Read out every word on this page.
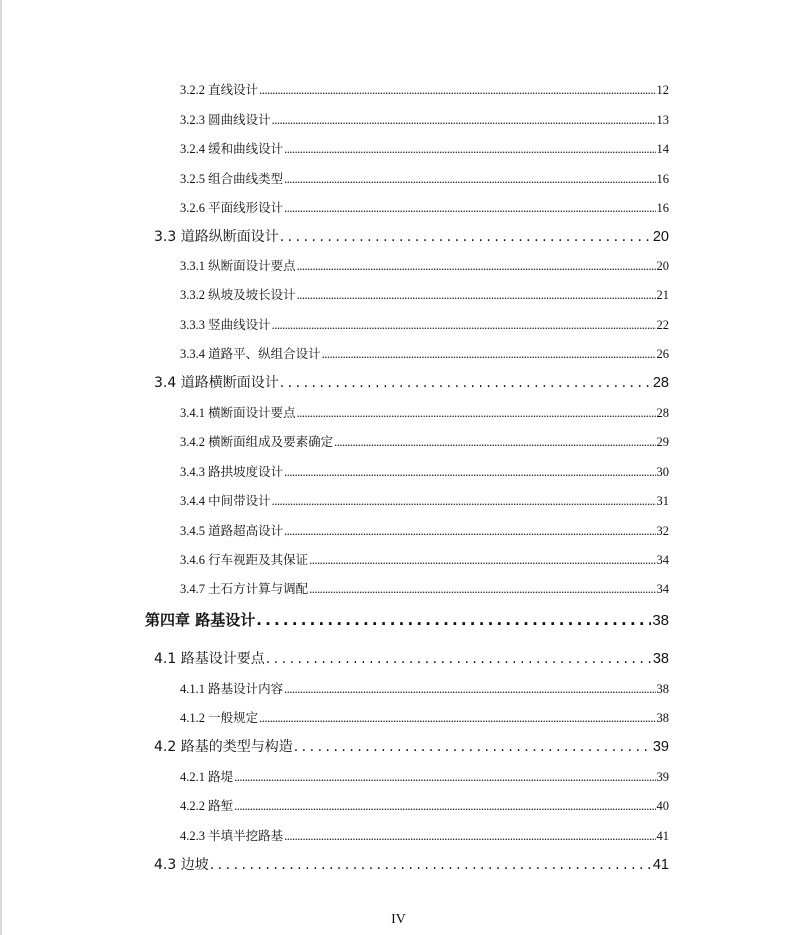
3.2.2 直线设计 .....	12
3.2.3 圆曲线设计 .....	13
3.2.4 缓和曲线设计 .....	14
3.2.5 组合曲线类型 .....	16
3.2.6 平面线形设计 .....	16
3.3 道路纵断面设计 .....	20
3.3.1 纵断面设计要点 .....	20
3.3.2 纵坡及坡长设计 .....	21
3.3.3 竖曲线设计 .....	22
3.3.4 道路平、纵组合设计 .....	26
3.4 道路横断面设计 .....	28
3.4.1 横断面设计要点 .....	28
3.4.2 横断面组成及要素确定 .....	29
3.4.3 路拱坡度设计 .....	30
3.4.4 中间带设计 .....	31
3.4.5 道路超高设计 .....	32
3.4.6 行车视距及其保证 .....	34
3.4.7 土石方计算与调配 .....	34
第四章 路基设计 .....	38
4.1 路基设计要点 .....	38
4.1.1 路基设计内容 .....	38
4.1.2 一般规定 .....	38
4.2 路基的类型与构造 .....	39
4.2.1 路堤 .....	39
4.2.2 路堑 .....	40
4.2.3 半填半挖路基 .....	41
4.3 边坡 .....	41
IV
